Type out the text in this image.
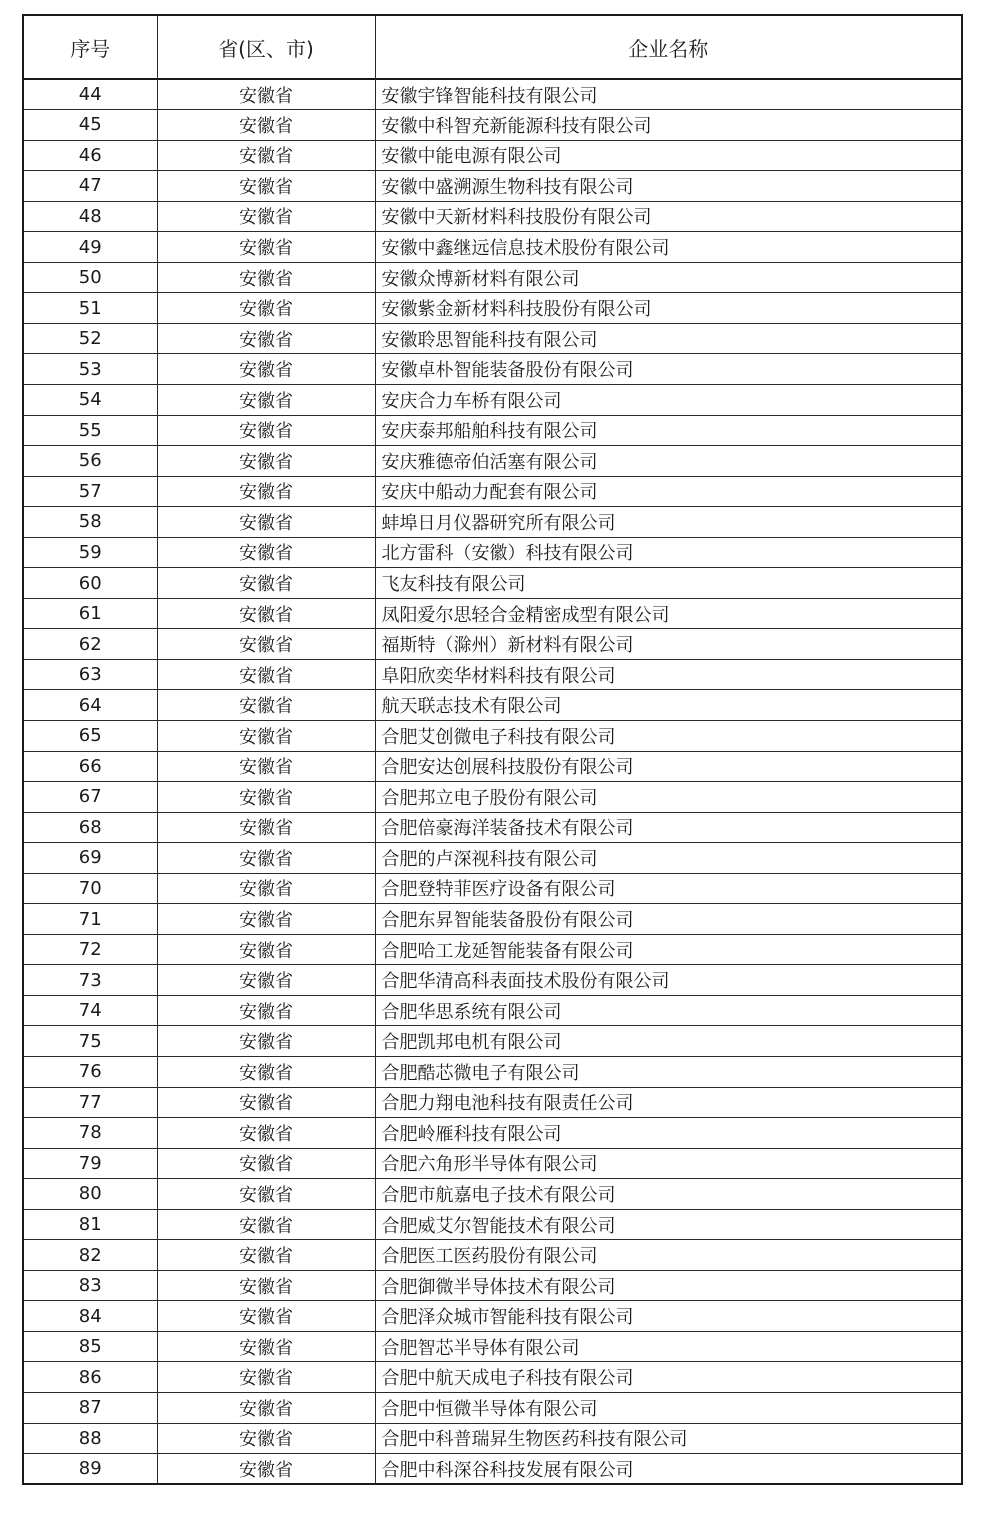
序号	省(区、市)	企业名称
44	安徽省	安徽宇锋智能科技有限公司
45	安徽省	安徽中科智充新能源科技有限公司
46	安徽省	安徽中能电源有限公司
47	安徽省	安徽中盛溯源生物科技有限公司
48	安徽省	安徽中天新材料科技股份有限公司
49	安徽省	安徽中鑫继远信息技术股份有限公司
50	安徽省	安徽众博新材料有限公司
51	安徽省	安徽紫金新材料科技股份有限公司
52	安徽省	安徽聆思智能科技有限公司
53	安徽省	安徽卓朴智能装备股份有限公司
54	安徽省	安庆合力车桥有限公司
55	安徽省	安庆泰邦船舶科技有限公司
56	安徽省	安庆雅德帝伯活塞有限公司
57	安徽省	安庆中船动力配套有限公司
58	安徽省	蚌埠日月仪器研究所有限公司
59	安徽省	北方雷科（安徽）科技有限公司
60	安徽省	飞友科技有限公司
61	安徽省	凤阳爱尔思轻合金精密成型有限公司
62	安徽省	福斯特（滁州）新材料有限公司
63	安徽省	阜阳欣奕华材料科技有限公司
64	安徽省	航天联志技术有限公司
65	安徽省	合肥艾创微电子科技有限公司
66	安徽省	合肥安达创展科技股份有限公司
67	安徽省	合肥邦立电子股份有限公司
68	安徽省	合肥倍豪海洋装备技术有限公司
69	安徽省	合肥的卢深视科技有限公司
70	安徽省	合肥登特菲医疗设备有限公司
71	安徽省	合肥东昇智能装备股份有限公司
72	安徽省	合肥哈工龙延智能装备有限公司
73	安徽省	合肥华清高科表面技术股份有限公司
74	安徽省	合肥华思系统有限公司
75	安徽省	合肥凯邦电机有限公司
76	安徽省	合肥酷芯微电子有限公司
77	安徽省	合肥力翔电池科技有限责任公司
78	安徽省	合肥岭雁科技有限公司
79	安徽省	合肥六角形半导体有限公司
80	安徽省	合肥市航嘉电子技术有限公司
81	安徽省	合肥威艾尔智能技术有限公司
82	安徽省	合肥医工医药股份有限公司
83	安徽省	合肥御微半导体技术有限公司
84	安徽省	合肥泽众城市智能科技有限公司
85	安徽省	合肥智芯半导体有限公司
86	安徽省	合肥中航天成电子科技有限公司
87	安徽省	合肥中恒微半导体有限公司
88	安徽省	合肥中科普瑞昇生物医药科技有限公司
89	安徽省	合肥中科深谷科技发展有限公司
